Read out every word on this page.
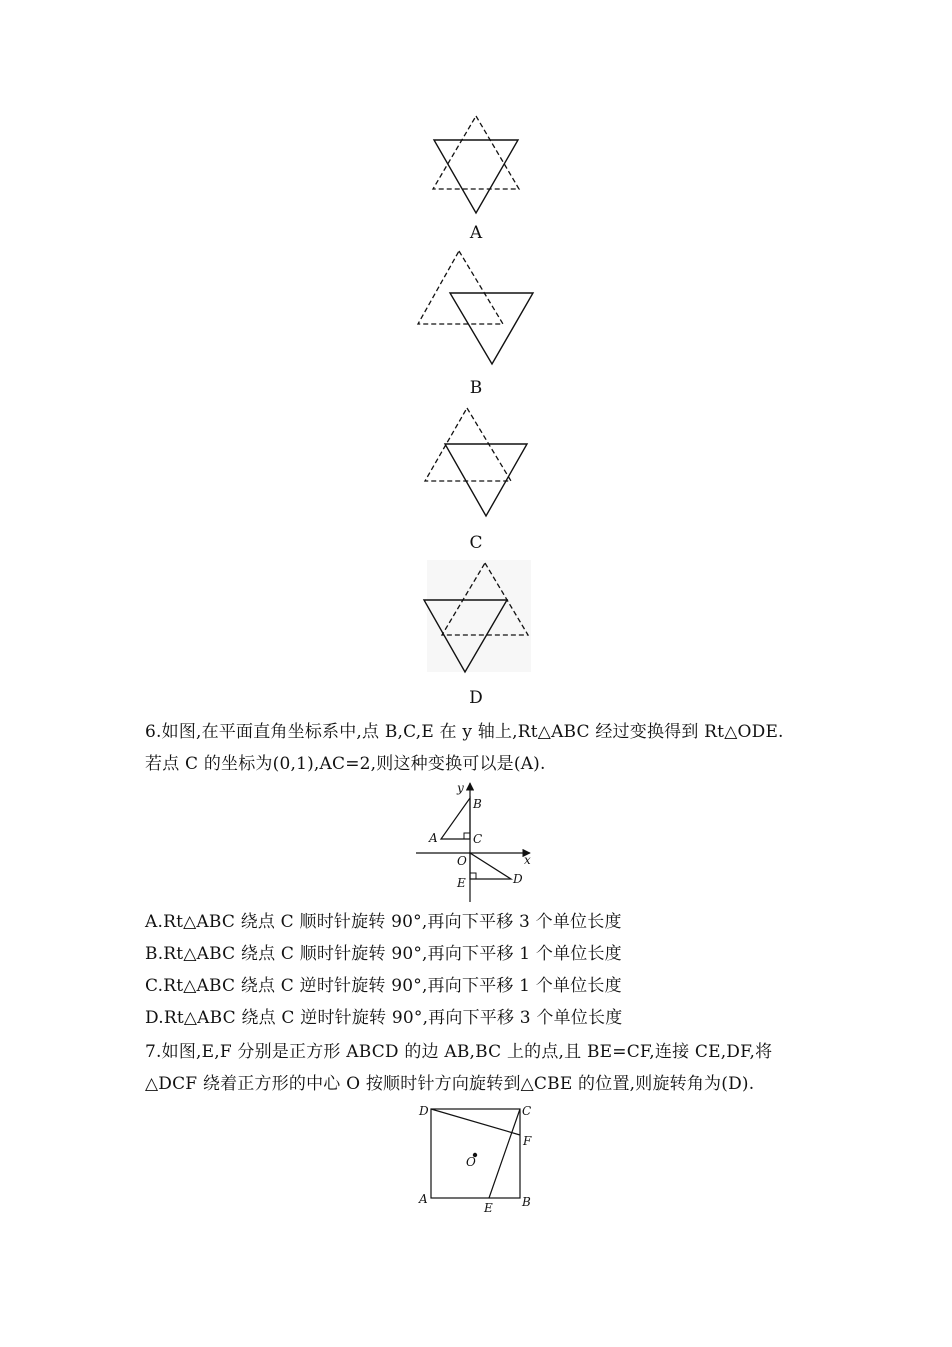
A
B
C
D
6.如图,在平面直角坐标系中,点 B,C,E 在 y 轴上,Rt△ABC 经过变换得到 Rt△ODE.
若点 C 的坐标为(0,1),AC=2,则这种变换可以是(A).
y
x
B
A	C
O
E	D
A.Rt△ABC 绕点 C 顺时针旋转 90°,再向下平移 3 个单位长度
B.Rt△ABC 绕点 C 顺时针旋转 90°,再向下平移 1 个单位长度
C.Rt△ABC 绕点 C 逆时针旋转 90°,再向下平移 1 个单位长度
D.Rt△ABC 绕点 C 逆时针旋转 90°,再向下平移 3 个单位长度
7.如图,E,F 分别是正方形 ABCD 的边 AB,BC 上的点,且 BE=CF,连接 CE,DF,将
△DCF 绕着正方形的中心 O 按顺时针方向旋转到△CBE 的位置,则旋转角为(D).
D	C
F
O
A
E B
